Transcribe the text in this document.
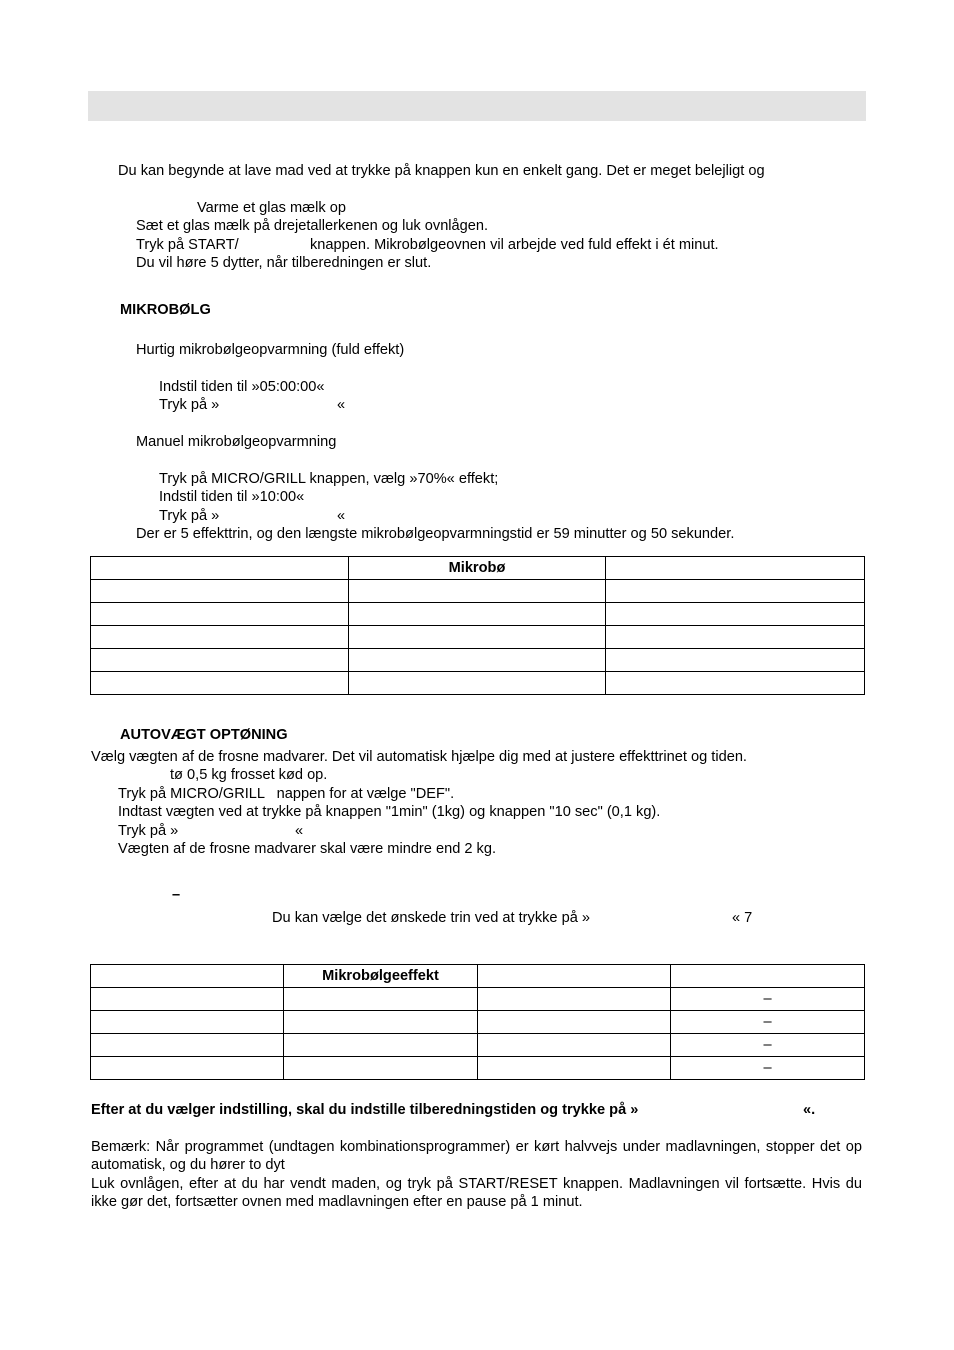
Du kan begynde at lave mad ved at trykke på knappen kun en enkelt gang. Det er meget belejligt og
Varme et glas mælk op
Sæt et glas mælk på drejetallerkenen og luk ovnlågen.
Tryk på START/	knappen. Mikrobølgeovnen vil arbejde ved fuld effekt i ét minut.
Du vil høre 5 dytter, når tilberedningen er slut.
MIKROBØLG
Hurtig mikrobølgeopvarmning (fuld effekt)
Indstil tiden til »05:00:00«
Tryk på »	«
Manuel mikrobølgeopvarmning
Tryk på MICRO/GRILL knappen, vælg »70%« effekt;
Indstil tiden til »10:00«
Tryk på »	«
Der er 5 effekttrin, og den længste mikrobølgeopvarmningstid er 59 minutter og 50 sekunder.
	Mikrobø	

AUTOVÆGT OPTØNING
Vælg vægten af de frosne madvarer. Det vil automatisk hjælpe dig med at justere effekttrinet og tiden.
tø 0,5 kg frosset kød op.
Tryk på MICRO/GRILL   nappen for at vælge "DEF".
Indtast vægten ved at trykke på knappen "1min" (1kg) og knappen "10 sec" (0,1 kg).
Tryk på »	«
Vægten af de frosne madvarer skal være mindre end 2 kg.
–
Du kan vælge det ønskede trin ved at trykke på »	« 7
	Mikrobølgeeffekt		
			–
			–
			–
			–
Efter at du vælger indstilling, skal du indstille tilberedningstiden og trykke på »	«.
Bemærk: Når programmet (undtagen kombinationsprogrammer) er kørt halvvejs under madlavningen, stopper det op automatisk, og du hører to dyt
Luk ovnlågen, efter at du har vendt maden, og tryk på START/RESET knappen. Madlavningen vil fortsætte. Hvis du ikke gør det, fortsætter ovnen med madlavningen efter en pause på 1 minut.
